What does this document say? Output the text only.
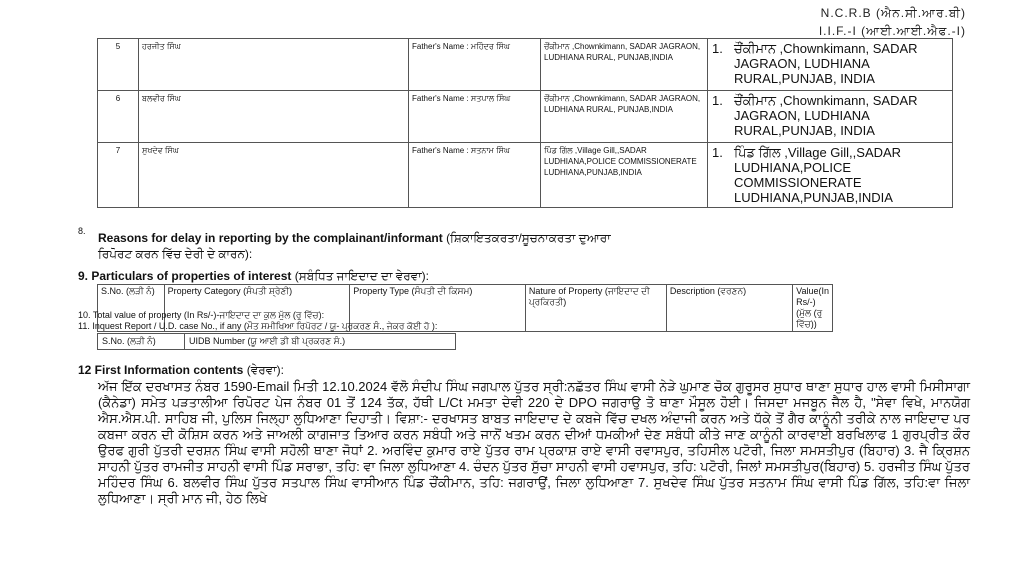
N.C.R.B (ਐਨ.ਸੀ.ਆਰ.ਬੀ)
I.I.F.-I (ਆਈ.ਆਈ.ਐਫ.-I)
5	ਹਰਜੀਤ ਸਿੰਘ	Father's Name : ਮਹਿੰਦਰ ਸਿੰਘ	ਚੌਂਕੀਮਾਨ ,Chownkimann, SADAR JAGRAON, LUDHIANA RURAL, PUNJAB,INDIA	1. ਚੌਂਕੀਮਾਨ ,Chownkimann, SADAR JAGRAON, LUDHIANA RURAL,PUNJAB, INDIA

6	ਬਲਵੀਰ ਸਿੰਘ	Father's Name : ਸਤਪਾਲ ਸਿੰਘ	ਚੌਂਕੀਮਾਨ ,Chownkimann, SADAR JAGRAON, LUDHIANA RURAL, PUNJAB,INDIA	1. ਚੌਂਕੀਮਾਨ ,Chownkimann, SADAR JAGRAON, LUDHIANA RURAL,PUNJAB, INDIA

7	ਸੁਖਦੇਵ ਸਿੰਘ	Father's Name : ਸਤਨਾਮ ਸਿੰਘ	ਪਿੰਡ ਗਿੱਲ ,Village Gill,,SADAR LUDHIANA,POLICE COMMISSIONERATE LUDHIANA,PUNJAB,INDIA	1. ਪਿੰਡ ਗਿੱਲ ,Village Gill,,SADAR LUDHIANA,POLICE COMMISSIONERATE LUDHIANA,PUNJAB,INDIA
8. Reasons for delay in reporting by the complainant/informant (ਸ਼ਿਕਾਇਤਕਰਤਾ/ਸੂਚਨਾਕਰਤਾ ਦੁਆਰਾ
ਰਿਪੋਰਟ ਕਰਨ ਵਿੱਚ ਦੇਰੀ ਦੇ ਕਾਰਨ):
9. Particulars of properties of interest (ਸਬੰਧਿਤ ਜਾਇਦਾਦ ਦਾ ਵੇਰਵਾ):
S.No. (ਲੜੀ ਨੰ)	Property Category (ਸੰਪਤੀ ਸ਼੍ਰੇਣੀ)	Property Type (ਸੰਪਤੀ ਦੀ ਕਿਸਮ)	Nature of Property (ਜਾਇਦਾਦ ਦੀ ਪ੍ਰਕਿਰਤੀ)	Description (ਵਰਣਨ)	Value(In Rs/-) (ਮੁੱਲ (ਰੁ ਵਿੱਚ))
10. Total value of property (In Rs/-)-ਜਾਇਦਾਦ ਦਾ ਕੁਲ ਮੁੱਲ (ਰੁ ਵਿੱਚ):
11. Inquest Report / U.D. case No., if any (ਮੌਤ ਸਮੀਖਿਆ ਰਿਪੋਰਟ / ਯੂ- ਪ੍ਰਕਰਣ ਸੰ., ਜੇਕਰ ਕੋਈ ਹੋ ):
S.No. (ਲੜੀ ਨੰ)	UIDB Number (ਯੂ ਆਈ ਡੀ ਬੀ ਪ੍ਰਕਰਣ ਸੰ.)
12 First Information contents (ਵੇਰਵਾ):

ਅੱਜ ਇੱਕ ਦਰਖਾਸਤ ਨੰਬਰ 1590-Email ਮਿਤੀ 12.10.2024 ਵੱਲੋ ਸੰਦੀਪ ਸਿੰਘ ਜਗਪਾਲ ਪੁੱਤਰ ਸ੍ਰੀ:ਨਛੱਤਰ ਸਿੰਘ ਵਾਸੀ ਨੇੜੇ ਘੁਮਾਣ ਚੋਕ ਗੁਰੂਸਰ ਸੁਧਾਰ ਥਾਣਾ ਸੁਧਾਰ ਹਾਲ ਵਾਸੀ ਮਿਸੀਸਾਗਾ (ਕੈਨੇਡਾ) ਸਮੇਤ ਪੜਤਾਲੀਆ ਰਿਪੋਰਟ ਪੇਜ ਨੰਬਰ 01 ਤੋਂ 124 ਤੱਕ, ਹੱਥੀ L/Ct ਮਮਤਾ ਦੇਵੀ 220 ਦੇ DPO ਜਗਰਾਉ ਤੋ ਥਾਣਾ ਮੌਸੂਲ ਹੋਈ। ਜਿਸਦਾ ਮਜਬੂਨ ਜੈਲ ਹੈ, "ਸੇਵਾ ਵਿਖੇ, ਮਾਨਯੋਗ ਐਸ.ਐਸ.ਪੀ. ਸਾਹਿਬ ਜੀ, ਪੁਲਿਸ ਜਿਲ੍ਹਾ ਲੁਧਿਆਣਾ ਦਿਹਾਤੀ। ਵਿਸ਼ਾ:- ਦਰਖਾਸਤ ਬਾਬਤ ਜਾਇਦਾਦ ਦੇ ਕਬਜੇ ਵਿੱਚ ਦਖਲ ਅੰਦਾਜੀ ਕਰਨ ਅਤੇ ਧੱਕੇ ਤੋਂ ਗੈਰ ਕਾਨੂੰਨੀ ਤਰੀਕੇ ਨਾਲ ਜਾਇਦਾਦ ਪਰ ਕਬਜਾ ਕਰਨ ਦੀ ਕੋਸ਼ਿਸ ਕਰਨ ਅਤੇ ਜਾਅਲੀ ਕਾਗਜਾਤ ਤਿਆਰ ਕਰਨ ਸਬੰਧੀ ਅਤੇ ਜਾਨੋਂ ਖਤਮ ਕਰਨ ਦੀਆਂ ਧਮਕੀਆਂ ਦੇਣ ਸਬੰਧੀ ਕੀਤੇ ਜਾਣ ਕਾਨੂੰਨੀ ਕਾਰਵਾਈ ਬਰਖਿਲਾਫ 1 ਗੁਰਪ੍ਰੀਤ ਕੌਰ ਉਰਫ ਗੁਰੀ ਪੁੱਤਰੀ ਦਰਸ਼ਨ ਸਿੰਘ ਵਾਸੀ ਸਹੋਲੀ ਥਾਣਾ ਜੋਧਾਂ 2. ਅਰਵਿੰਦ ਕੁਮਾਰ ਰਾਏ ਪੁੱਤਰ ਰਾਮ ਪ੍ਰਕਾਸ਼ ਰਾਏ ਵਾਸੀ ਰਵਾਸਪੁਰ, ਤਹਿਸੀਲ ਪਟੋਰੀ, ਜਿਲਾ ਸਮਸਤੀਪੁਰ (ਬਿਹਾਰ) 3. ਜੈ ਕ੍ਰਿਸ਼ਨ ਸਾਹਨੀ ਪੁੱਤਰ ਰਾਮਜੀਤ ਸਾਹਨੀ ਵਾਸੀ ਪਿੰਡ ਸਰਾਭਾ, ਤਹਿ: ਵਾ ਜਿਲਾ ਲੁਧਿਆਣਾ 4. ਚੰਦਨ ਪੁੱਤਰ ਸੁੱਚਾ ਸਾਹਨੀ ਵਾਸੀ ਹਵਾਸਪੁਰ, ਤਹਿ: ਪਟੋਰੀ, ਜਿਲਾਂ ਸਮਸਤੀਪੁਰ(ਬਿਹਾਰ) 5. ਹਰਜੀਤ ਸਿੰਘ ਪੁੱਤਰ ਮਹਿੰਦਰ ਸਿੰਘ 6. ਬਲਵੀਰ ਸਿੰਘ ਪੁੱਤਰ ਸਤਪਾਲ ਸਿੰਘ ਵਾਸੀਆਨ ਪਿੰਡ ਚੌਂਕੀਮਾਨ, ਤਹਿ: ਜਗਰਾਉਂ, ਜਿਲਾ ਲੁਧਿਆਣਾ 7. ਸੁਖਦੇਵ ਸਿੰਘ ਪੁੱਤਰ ਸਤਨਾਮ ਸਿੰਘ ਵਾਸੀ ਪਿੰਡ ਗਿੱਲ, ਤਹਿ:ਵਾ ਜਿਲਾ ਲੁਧਿਆਣਾ। ਸ੍ਰੀ ਮਾਨ ਜੀ, ਹੇਠ ਲਿਖੇ
